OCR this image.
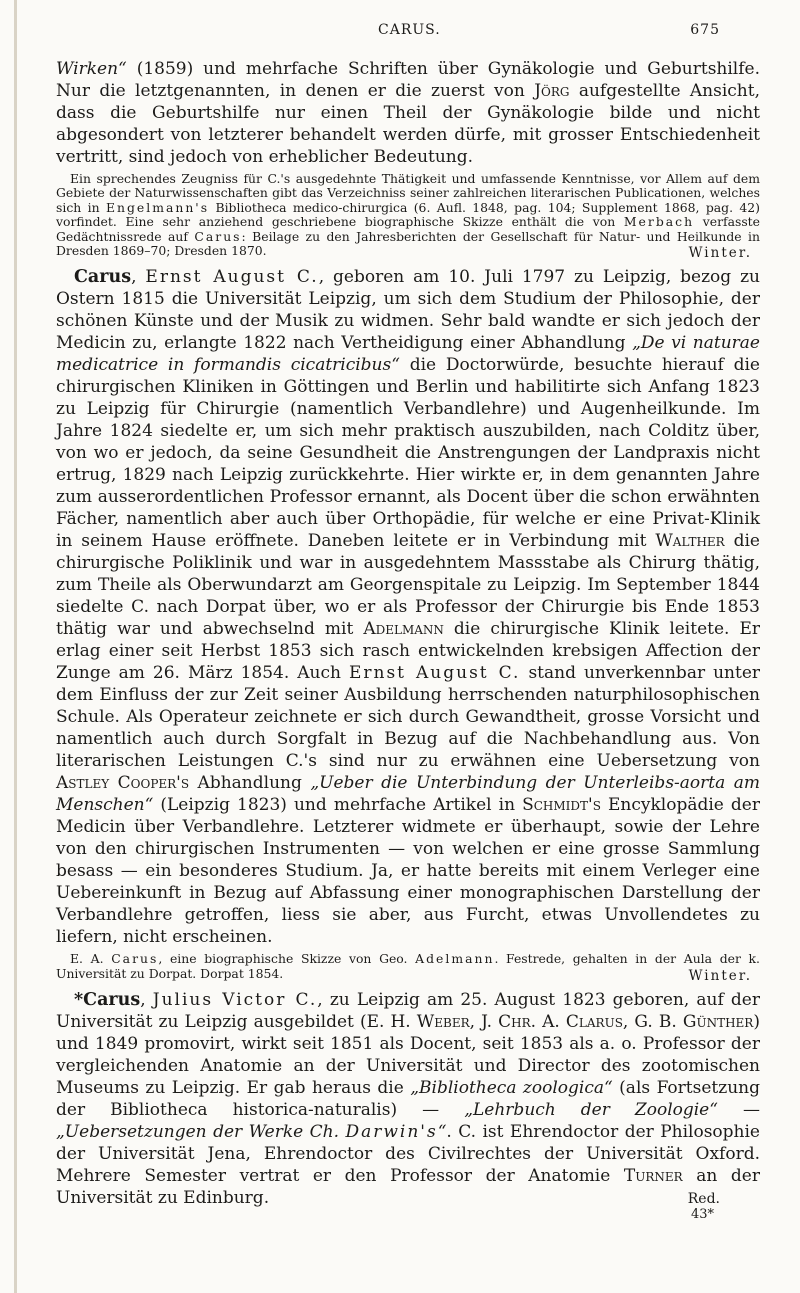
CARUS.	675

Wirken“ (1859) und mehrfache Schriften über Gynäkologie und Geburtshilfe. Nur die letztgenannten, in denen er die zuerst von Jörg aufgestellte Ansicht, dass die Geburtshilfe nur einen Theil der Gynäkologie bilde und nicht abgesondert von letzterer behandelt werden dürfe, mit grosser Entschiedenheit vertritt, sind jedoch von erheblicher Bedeutung.

Ein sprechendes Zeugniss für C.'s ausgedehnte Thätigkeit und umfassende Kenntnisse, vor Allem auf dem Gebiete der Naturwissenschaften gibt das Verzeichniss seiner zahlreichen literarischen Publicationen, welches sich in Engelmann's Bibliotheca medico-chirurgica (6. Aufl. 1848, pag. 104; Supplement 1868, pag. 42) vorfindet. Eine sehr anziehend geschriebene biographische Skizze enthält die von Merbach verfasste Gedächtnissrede auf Carus: Beilage zu den Jahresberichten der Gesellschaft für Natur- und Heilkunde in Dresden 1869–70; Dresden 1870.	Winter.

Carus, Ernst August C., geboren am 10. Juli 1797 zu Leipzig, bezog zu Ostern 1815 die Universität Leipzig, um sich dem Studium der Philosophie, der schönen Künste und der Musik zu widmen. Sehr bald wandte er sich jedoch der Medicin zu, erlangte 1822 nach Vertheidigung einer Abhandlung „De vi naturae medicatrice in formandis cicatricibus“ die Doctorwürde, besuchte hierauf die chirurgischen Kliniken in Göttingen und Berlin und habilitirte sich Anfang 1823 zu Leipzig für Chirurgie (namentlich Verbandlehre) und Augenheilkunde. Im Jahre 1824 siedelte er, um sich mehr praktisch auszubilden, nach Colditz über, von wo er jedoch, da seine Gesundheit die Anstrengungen der Landpraxis nicht ertrug, 1829 nach Leipzig zurückkehrte. Hier wirkte er, in dem genannten Jahre zum ausserordentlichen Professor ernannt, als Docent über die schon erwähnten Fächer, namentlich aber auch über Orthopädie, für welche er eine Privat-Klinik in seinem Hause eröffnete. Daneben leitete er in Verbindung mit Walther die chirurgische Poliklinik und war in ausgedehntem Massstabe als Chirurg thätig, zum Theile als Oberwundarzt am Georgenspitale zu Leipzig. Im September 1844 siedelte C. nach Dorpat über, wo er als Professor der Chirurgie bis Ende 1853 thätig war und abwechselnd mit Adelmann die chirurgische Klinik leitete. Er erlag einer seit Herbst 1853 sich rasch entwickelnden krebsigen Affection der Zunge am 26. März 1854. Auch Ernst August C. stand unverkennbar unter dem Einfluss der zur Zeit seiner Ausbildung herrschenden naturphilosophischen Schule. Als Operateur zeichnete er sich durch Gewandtheit, grosse Vorsicht und namentlich auch durch Sorgfalt in Bezug auf die Nachbehandlung aus. Von literarischen Leistungen C.'s sind nur zu erwähnen eine Uebersetzung von Astley Cooper's Abhandlung „Ueber die Unterbindung der Unterleibs-aorta am Menschen“ (Leipzig 1823) und mehrfache Artikel in Schmidt's Encyklopädie der Medicin über Verbandlehre. Letzterer widmete er überhaupt, sowie der Lehre von den chirurgischen Instrumenten — von welchen er eine grosse Sammlung besass — ein besonderes Studium. Ja, er hatte bereits mit einem Verleger eine Uebereinkunft in Bezug auf Abfassung einer monographischen Darstellung der Verbandlehre getroffen, liess sie aber, aus Furcht, etwas Unvollendetes zu liefern, nicht erscheinen.

E. A. Carus, eine biographische Skizze von Geo. Adelmann. Festrede, gehalten in der Aula der k. Universität zu Dorpat. Dorpat 1854.	Winter.

*Carus, Julius Victor C., zu Leipzig am 25. August 1823 geboren, auf der Universität zu Leipzig ausgebildet (E. H. Weber, J. Chr. A. Clarus, G. B. Günther) und 1849 promovirt, wirkt seit 1851 als Docent, seit 1853 als a. o. Professor der vergleichenden Anatomie an der Universität und Director des zootomischen Museums zu Leipzig. Er gab heraus die „Bibliotheca zoologica“ (als Fortsetzung der Bibliotheca historica-naturalis) — „Lehrbuch der Zoologie“ — „Uebersetzungen der Werke Ch. Darwin's“. C. ist Ehrendoctor der Philosophie der Universität Jena, Ehrendoctor des Civilrechtes der Universität Oxford. Mehrere Semester vertrat er den Professor der Anatomie Turner an der Universität zu Edinburg.	Red.
43*
